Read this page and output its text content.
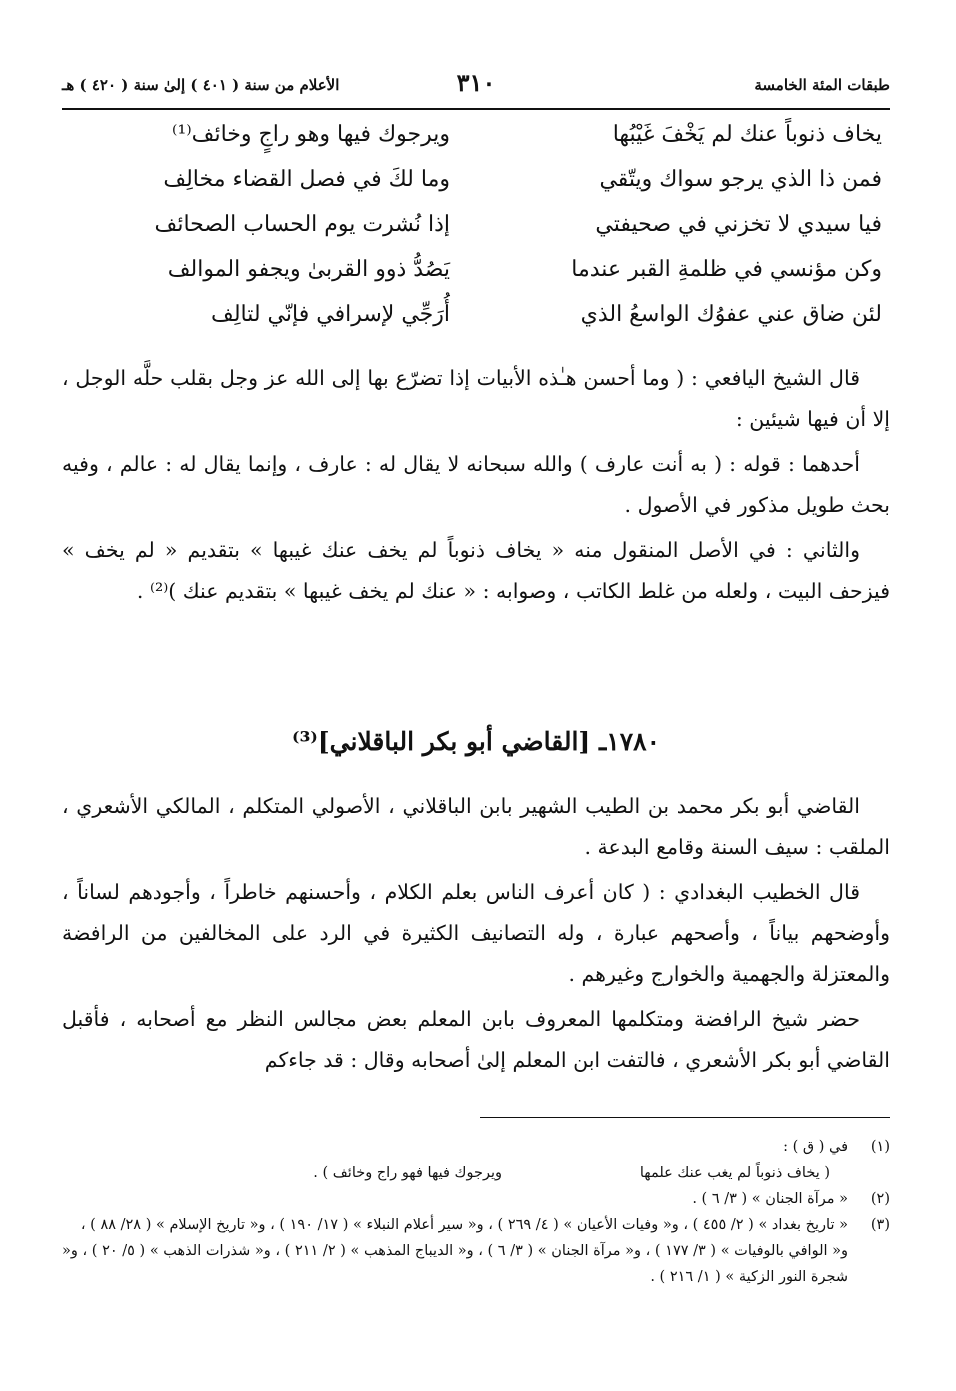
طبقات المئة الخامسة
٣١٠
الأعلام من سنة ( ٤٠١ ) إلىٰ سنة ( ٤٢٠ ) هـ
يخاف ذنوباً عنك لم يَخْفَ غَيْبُها
ويرجوك فيها وهو راجٍ وخائف⁽¹⁾
فمن ذا الذي يرجو سواك ويتّقي
وما لكَ في فصل القضاء مخالِف
فيا سيدي لا تخزني في صحيفتي
إذا نُشرت يوم الحساب الصحائف
وكن مؤنسي في ظلمةِ القبر عندما
يَصُدُّ ذوو القربىٰ ويجفو الموالف
لئن ضاق عني عفوُك الواسعُ الذي
أُرَجِّي لإسرافي فإنّي لتالِف

قال الشيخ اليافعي : ( وما أحسن هـٰذه الأبيات إذا تضرّع بها إلى الله عز وجل بقلب حلَّه الوجل ، إلا أن فيها شيئين :

أحدهما : قوله : ( به أنت عارف ) والله سبحانه لا يقال له : عارف ، وإنما يقال له : عالم ، وفيه بحث طويل مذكور في الأصول .

والثاني : في الأصل المنقول منه « يخاف ذنوباً لم يخف عنك غيبها » بتقديم « لم يخف » فيزحف البيت ، ولعله من غلط الكاتب ، وصوابه : « عنك لم يخف غيبها » بتقديم عنك )⁽²⁾ .

١٧٨٠ـ [القاضي أبو بكر الباقلاني]⁽³⁾

القاضي أبو بكر محمد بن الطيب الشهير بابن الباقلاني ، الأصولي المتكلم ، المالكي الأشعري ، الملقب : سيف السنة وقامع البدعة .

قال الخطيب البغدادي : ( كان أعرف الناس بعلم الكلام ، وأحسنهم خاطراً ، وأجودهم لساناً ، وأوضحهم بياناً ، وأصحهم عبارة ، وله التصانيف الكثيرة في الرد على المخالفين من الرافضة والمعتزلة والجهمية والخوارج وغيرهم .

حضر شيخ الرافضة ومتكلمها المعروف بابن المعلم بعض مجالس النظر مع أصحابه ، فأقبل القاضي أبو بكر الأشعري ، فالتفت ابن المعلم إلىٰ أصحابه وقال : قد جاءكم

(١)
في ( ق ) :
( يخاف ذنوباً لم يغب عنك علمها
ويرجوك فيها فهو راج وخائف ) .
(٢)
« مرآة الجنان » ( ٣/ ٦ ) .
(٣)
« تاريخ بغداد » ( ٢/ ٤٥٥ ) ، و« وفيات الأعيان » ( ٤/ ٢٦٩ ) ، و« سير أعلام النبلاء » ( ١٧/ ١٩٠ ) ، و« تاريخ الإسلام » ( ٢٨/ ٨٨ ) ، و« الوافي بالوفيات » ( ٣/ ١٧٧ ) ، و« مرآة الجنان » ( ٣/ ٦ ) ، و« الديباج المذهب » ( ٢/ ٢١١ ) ، و« شذرات الذهب » ( ٥/ ٢٠ ) ، و« شجرة النور الزكية » ( ١/ ٢١٦ ) .
